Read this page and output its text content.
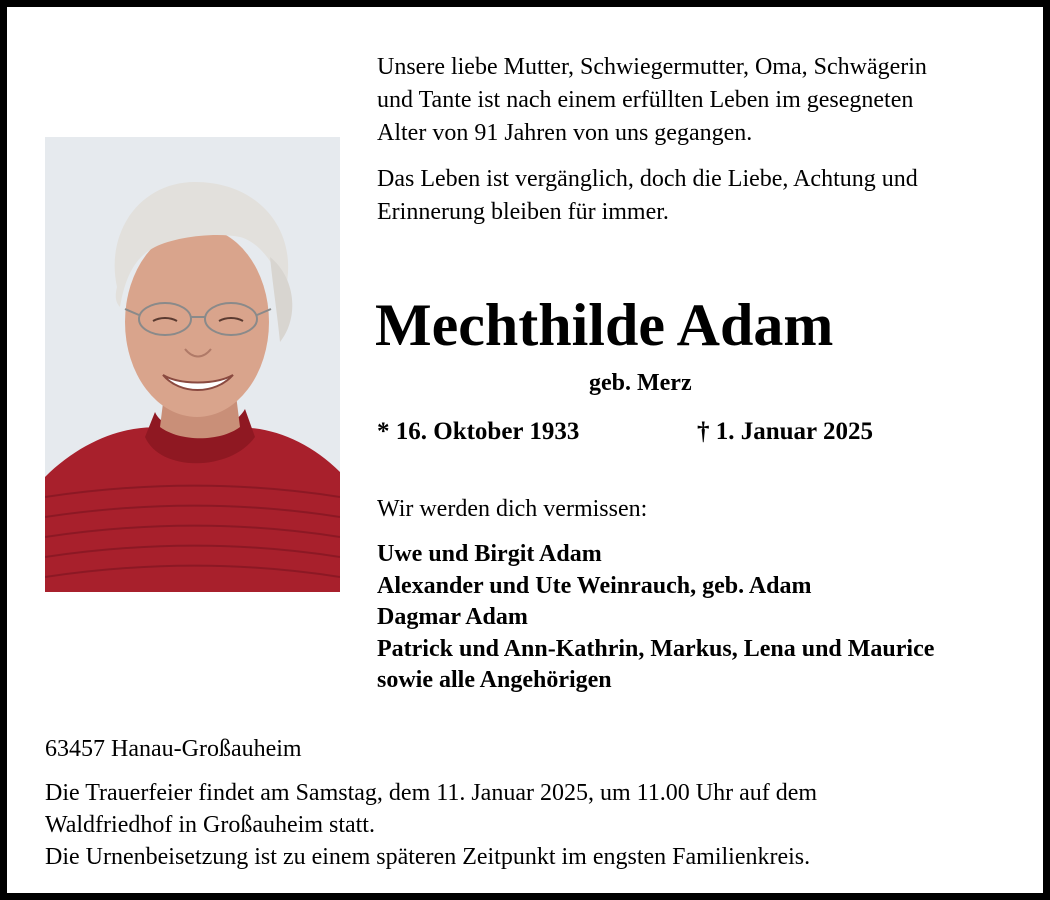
Unsere liebe Mutter, Schwiegermutter, Oma, Schwägerin
und Tante ist nach einem erfüllten Leben im gesegneten
Alter von 91 Jahren von uns gegangen.

Das Leben ist vergänglich, doch die Liebe, Achtung und
Erinnerung bleiben für immer.

Mechthilde Adam
geb. Merz
* 16. Oktober 1933	† 1. Januar 2025
Wir werden dich vermissen:
Uwe und Birgit Adam
Alexander und Ute Weinrauch, geb. Adam
Dagmar Adam
Patrick und Ann-Kathrin, Markus, Lena und Maurice
sowie alle Angehörigen
63457 Hanau-Großauheim
Die Trauerfeier findet am Samstag, dem 11. Januar 2025, um 11.00 Uhr auf dem
Waldfriedhof in Großauheim statt.
Die Urnenbeisetzung ist zu einem späteren Zeitpunkt im engsten Familienkreis.
